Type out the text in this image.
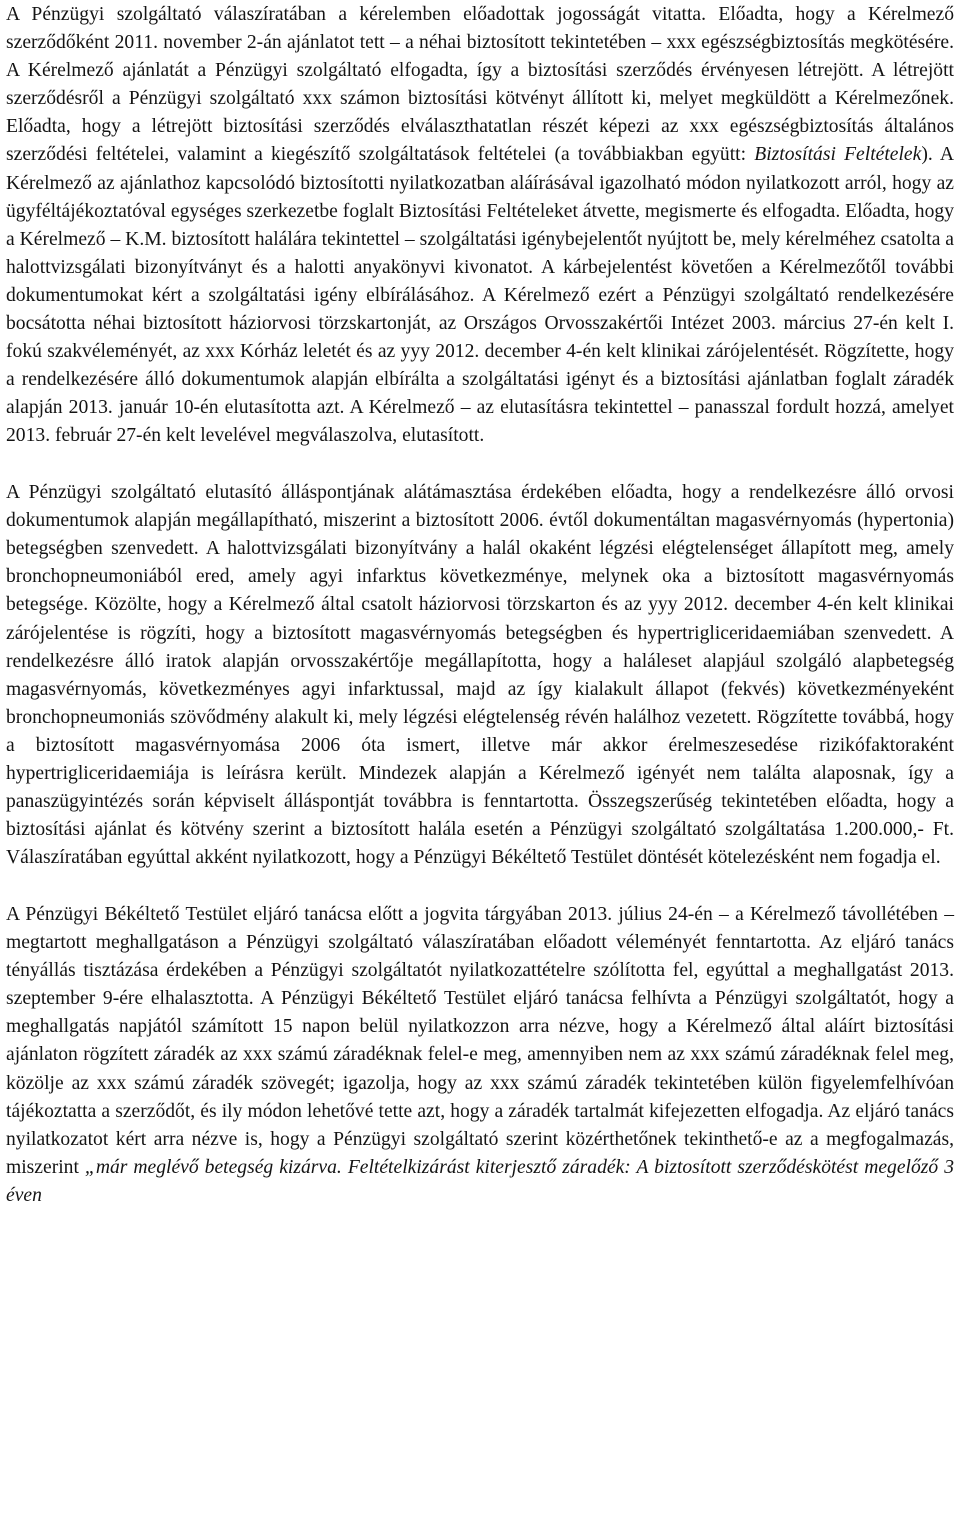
A Pénzügyi szolgáltató válaszíratában a kérelemben előadottak jogosságát vitatta. Előadta, hogy a Kérelmező szerződőként 2011. november 2-án ajánlatot tett – a néhai biztosított tekintetében – xxx egészségbiztosítás megkötésére. A Kérelmező ajánlatát a Pénzügyi szolgáltató elfogadta, így a biztosítási szerződés érvényesen létrejött. A létrejött szerződésről a Pénzügyi szolgáltató xxx számon biztosítási kötvényt állított ki, melyet megküldött a Kérelmezőnek. Előadta, hogy a létrejött biztosítási szerződés elválaszthatatlan részét képezi az xxx egészségbiztosítás általános szerződési feltételei, valamint a kiegészítő szolgáltatások feltételei (a továbbiakban együtt: Biztosítási Feltételek). A Kérelmező az ajánlathoz kapcsolódó biztosítotti nyilatkozatban aláírásával igazolható módon nyilatkozott arról, hogy az ügyféltájékoztatóval egységes szerkezetbe foglalt Biztosítási Feltételeket átvette, megismerte és elfogadta. Előadta, hogy a Kérelmező – K.M. biztosított halálára tekintettel – szolgáltatási igénybejelentőt nyújtott be, mely kérelméhez csatolta a halottvizsgálati bizonyítványt és a halotti anyakönyvi kivonatot. A kárbejelentést követően a Kérelmezőtől további dokumentumokat kért a szolgáltatási igény elbírálásához. A Kérelmező ezért a Pénzügyi szolgáltató rendelkezésére bocsátotta néhai biztosított háziorvosi törzskartonját, az Országos Orvosszakértői Intézet 2003. március 27-én kelt I. fokú szakvéleményét, az xxx Kórház leletét és az yyy 2012. december 4-én kelt klinikai zárójelentését. Rögzítette, hogy a rendelkezésére álló dokumentumok alapján elbírálta a szolgáltatási igényt és a biztosítási ajánlatban foglalt záradék alapján 2013. január 10-én elutasította azt. A Kérelmező – az elutasításra tekintettel – panasszal fordult hozzá, amelyet 2013. február 27-én kelt levelével megválaszolva, elutasított.

A Pénzügyi szolgáltató elutasító álláspontjának alátámasztása érdekében előadta, hogy a rendelkezésre álló orvosi dokumentumok alapján megállapítható, miszerint a biztosított 2006. évtől dokumentáltan magasvérnyomás (hypertonia) betegségben szenvedett. A halottvizsgálati bizonyítvány a halál okaként légzési elégtelenséget állapított meg, amely bronchopneumoniából ered, amely agyi infarktus következménye, melynek oka a biztosított magasvérnyomás betegsége. Közölte, hogy a Kérelmező által csatolt háziorvosi törzskarton és az yyy 2012. december 4-én kelt klinikai zárójelentése is rögzíti, hogy a biztosított magasvérnyomás betegségben és hypertrigliceridaemiában szenvedett. A rendelkezésre álló iratok alapján orvosszakértője megállapította, hogy a haláleset alapjául szolgáló alapbetegség magasvérnyomás, következményes agyi infarktussal, majd az így kialakult állapot (fekvés) következményeként bronchopneumoniás szövődmény alakult ki, mely légzési elégtelenség révén halálhoz vezetett. Rögzítette továbbá, hogy a biztosított magasvérnyomása 2006 óta ismert, illetve már akkor érelmeszesedése rizikófaktoraként hypertrigliceridaemiája is leírásra került. Mindezek alapján a Kérelmező igényét nem találta alaposnak, így a panaszügyintézés során képviselt álláspontját továbbra is fenntartotta. Összegszerűség tekintetében előadta, hogy a biztosítási ajánlat és kötvény szerint a biztosított halála esetén a Pénzügyi szolgáltató szolgáltatása 1.200.000,- Ft. Válaszíratában egyúttal akként nyilatkozott, hogy a Pénzügyi Békéltető Testület döntését kötelezésként nem fogadja el.

A Pénzügyi Békéltető Testület eljáró tanácsa előtt a jogvita tárgyában 2013. július 24-én – a Kérelmező távollétében – megtartott meghallgatáson a Pénzügyi szolgáltató válaszíratában előadott véleményét fenntartotta. Az eljáró tanács tényállás tisztázása érdekében a Pénzügyi szolgáltatót nyilatkozattételre szólította fel, egyúttal a meghallgatást 2013. szeptember 9-ére elhalasztotta. A Pénzügyi Békéltető Testület eljáró tanácsa felhívta a Pénzügyi szolgáltatót, hogy a meghallgatás napjától számított 15 napon belül nyilatkozzon arra nézve, hogy a Kérelmező által aláírt biztosítási ajánlaton rögzített záradék az xxx számú záradéknak felel-e meg, amennyiben nem az xxx számú záradéknak felel meg, közölje az xxx számú záradék szövegét; igazolja, hogy az xxx számú záradék tekintetében külön figyelemfelhívóan tájékoztatta a szerződőt, és ily módon lehetővé tette azt, hogy a záradék tartalmát kifejezetten elfogadja. Az eljáró tanács nyilatkozatot kért arra nézve is, hogy a Pénzügyi szolgáltató szerint közérthetőnek tekinthető-e az a megfogalmazás, miszerint „már meglévő betegség kizárva. Feltételkizárást kiterjesztő záradék: A biztosított szerződéskötést megelőző 3 éven
